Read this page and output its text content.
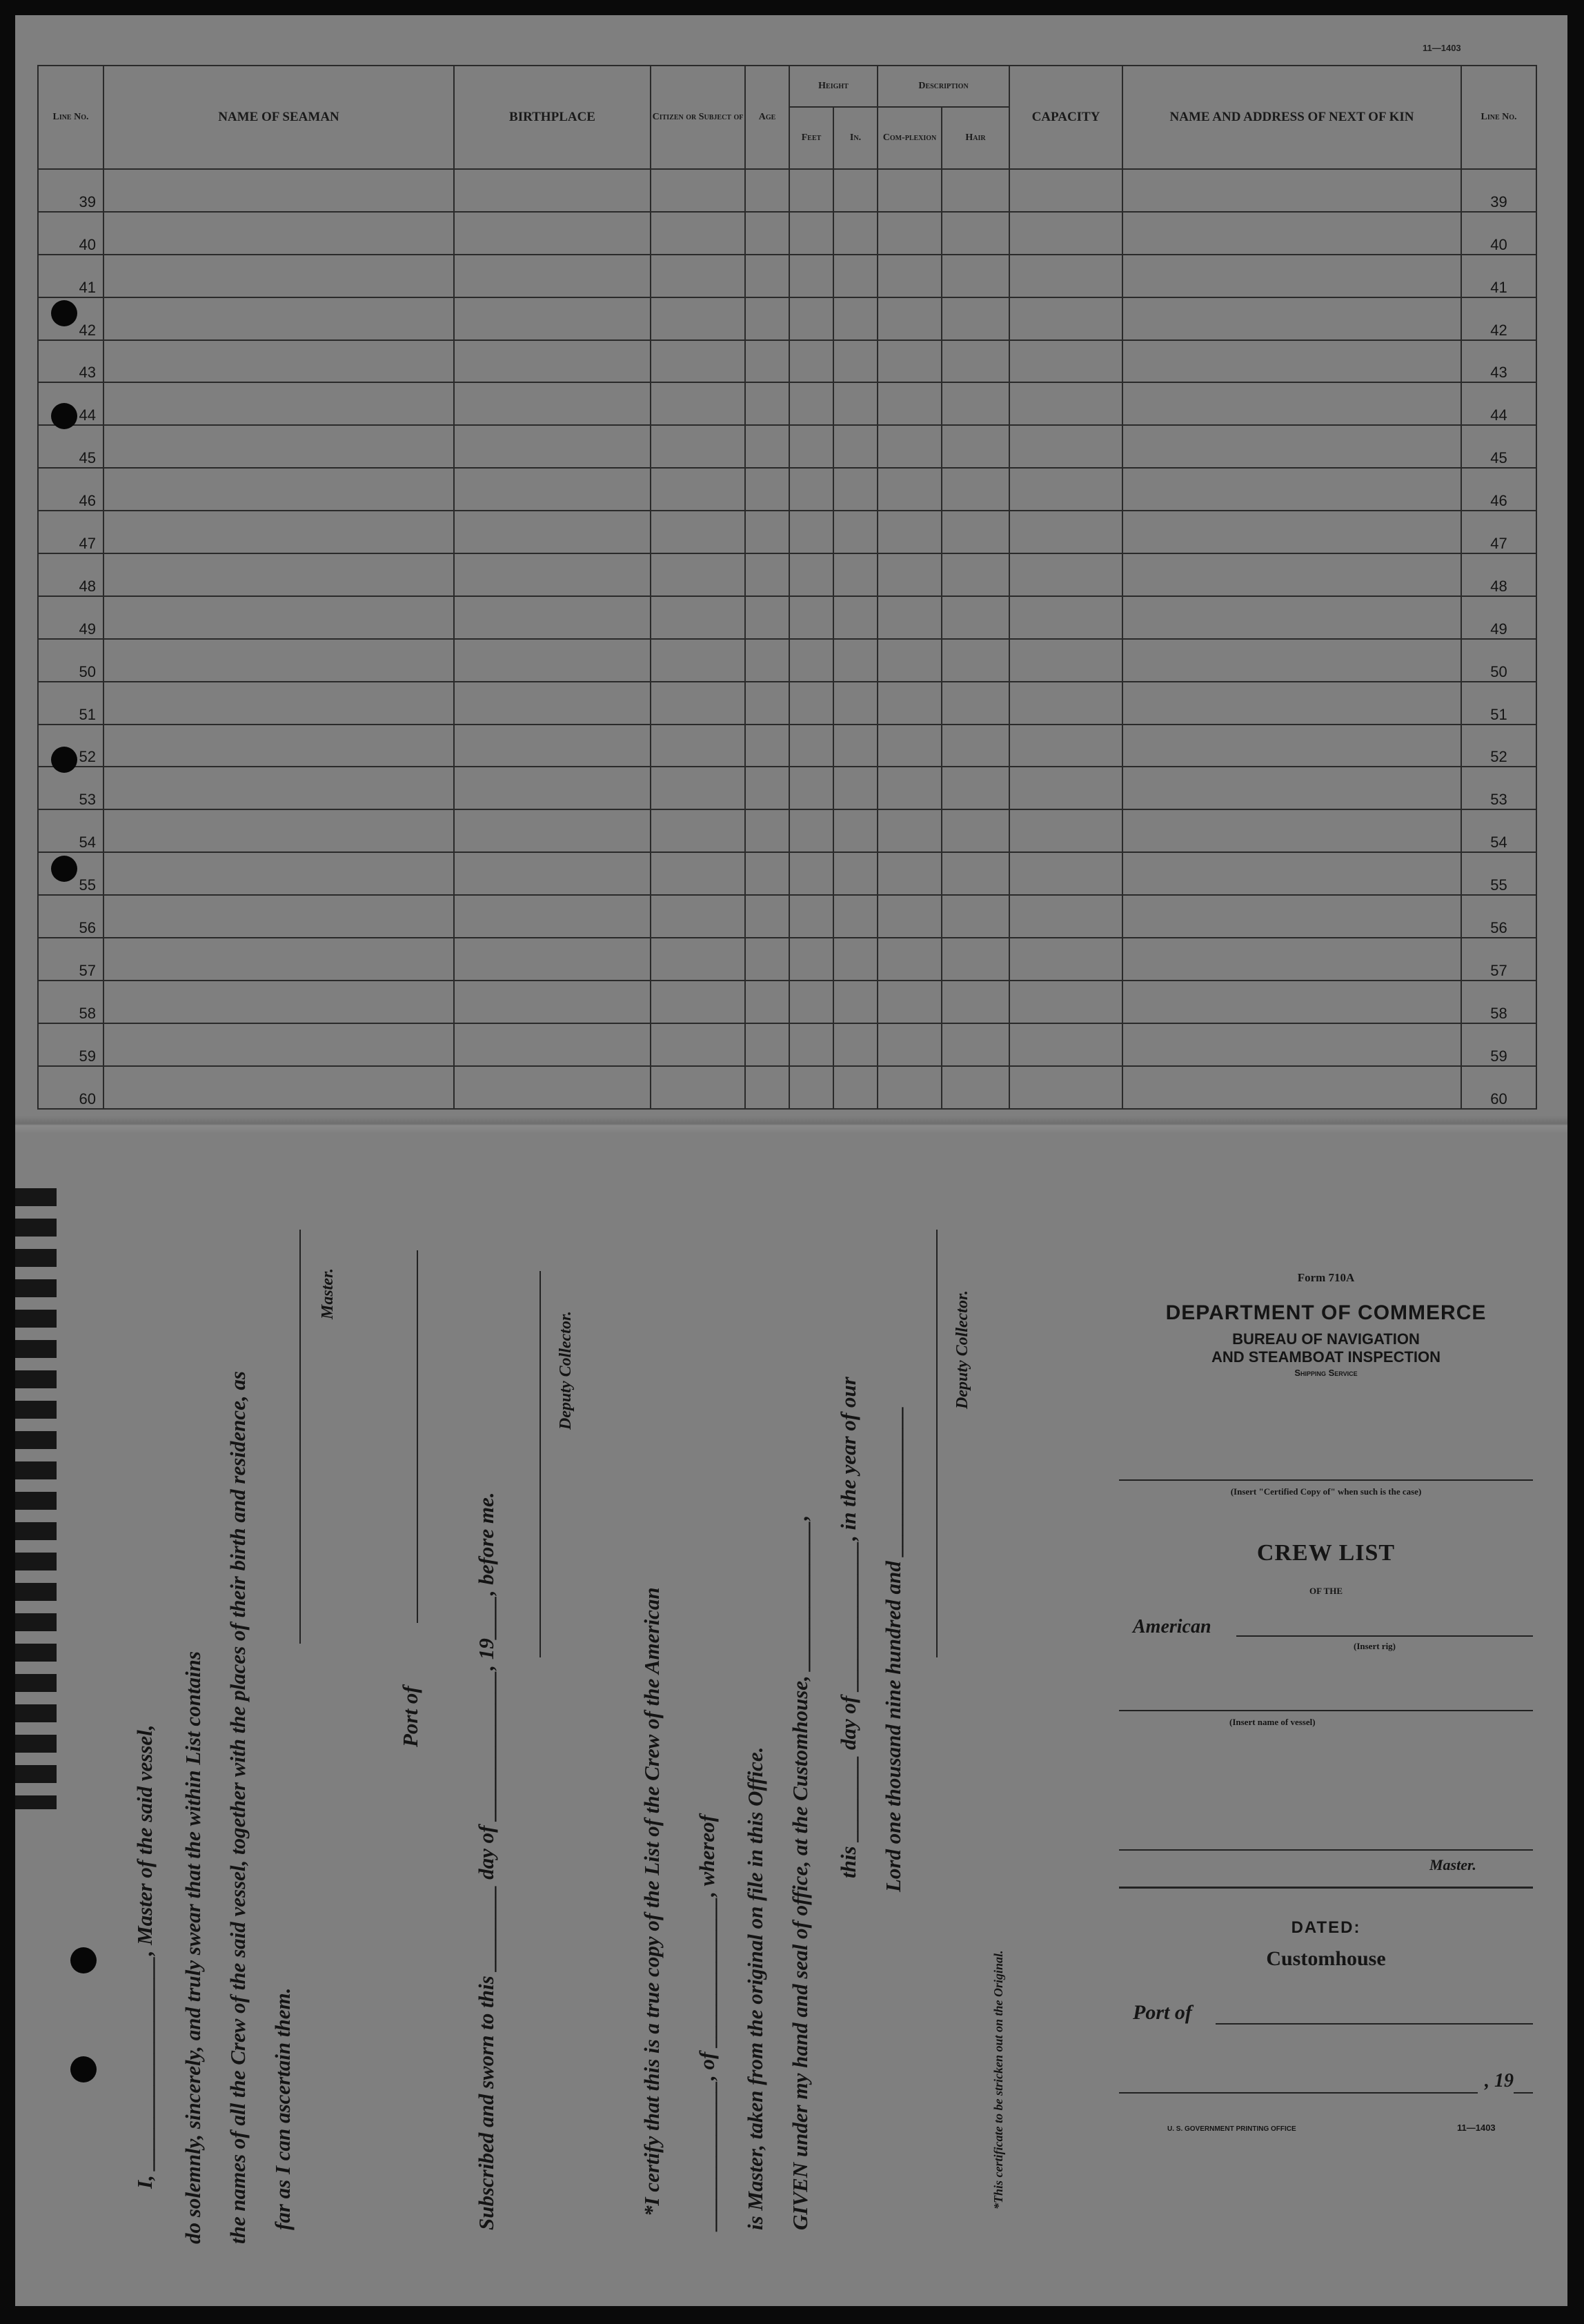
11—1403
Line No.	NAME OF SEAMAN	BIRTHPLACE	Citizen or Subject of	Age	Height		Description		CAPACITY	NAME AND ADDRESS OF NEXT OF KIN	Line No.
					Feet	In.	Com-plexion	Hair			
39											39
40											40
41											41
42											42
43											43
44											44
45											45
46											46
47											47
48											48
49											49
50											50
51											51
52											52
53											53
54											54
55											55
56											56
57											57
58											58
59											59
60											60
I, ____________________, Master of the said vessel, do solemnly, sincerely, and truly swear that the within List contains the names of all the Crew of the said vessel, together with the places of their birth and residence, as far as I can ascertain them.
Master.
Port of Subscribed and sworn to this ________ day of ______________, 19____, before me.
Deputy Collector.
*I certify that this is a true copy of the List of the Crew of the American ______________, of ______________, whereof is Master, taken from the original on file in this Office. GIVEN under my hand and seal of office, at the Customhouse, ______________, this ________ day of ______________, in the year of our Lord one thousand nine hundred and ______________
Deputy Collector.
*This certificate to be stricken out on the Original.
Form 710A
DEPARTMENT OF COMMERCE
BUREAU OF NAVIGATION
AND STEAMBOAT INSPECTION
Shipping Service
(Insert "Certified Copy of" when such is the case)
CREW LIST
OF THE
American
(Insert rig)
(Insert name of vessel)
Master.
DATED:
Customhouse
Port of
, 19
U. S. GOVERNMENT PRINTING OFFICE	11—1403
